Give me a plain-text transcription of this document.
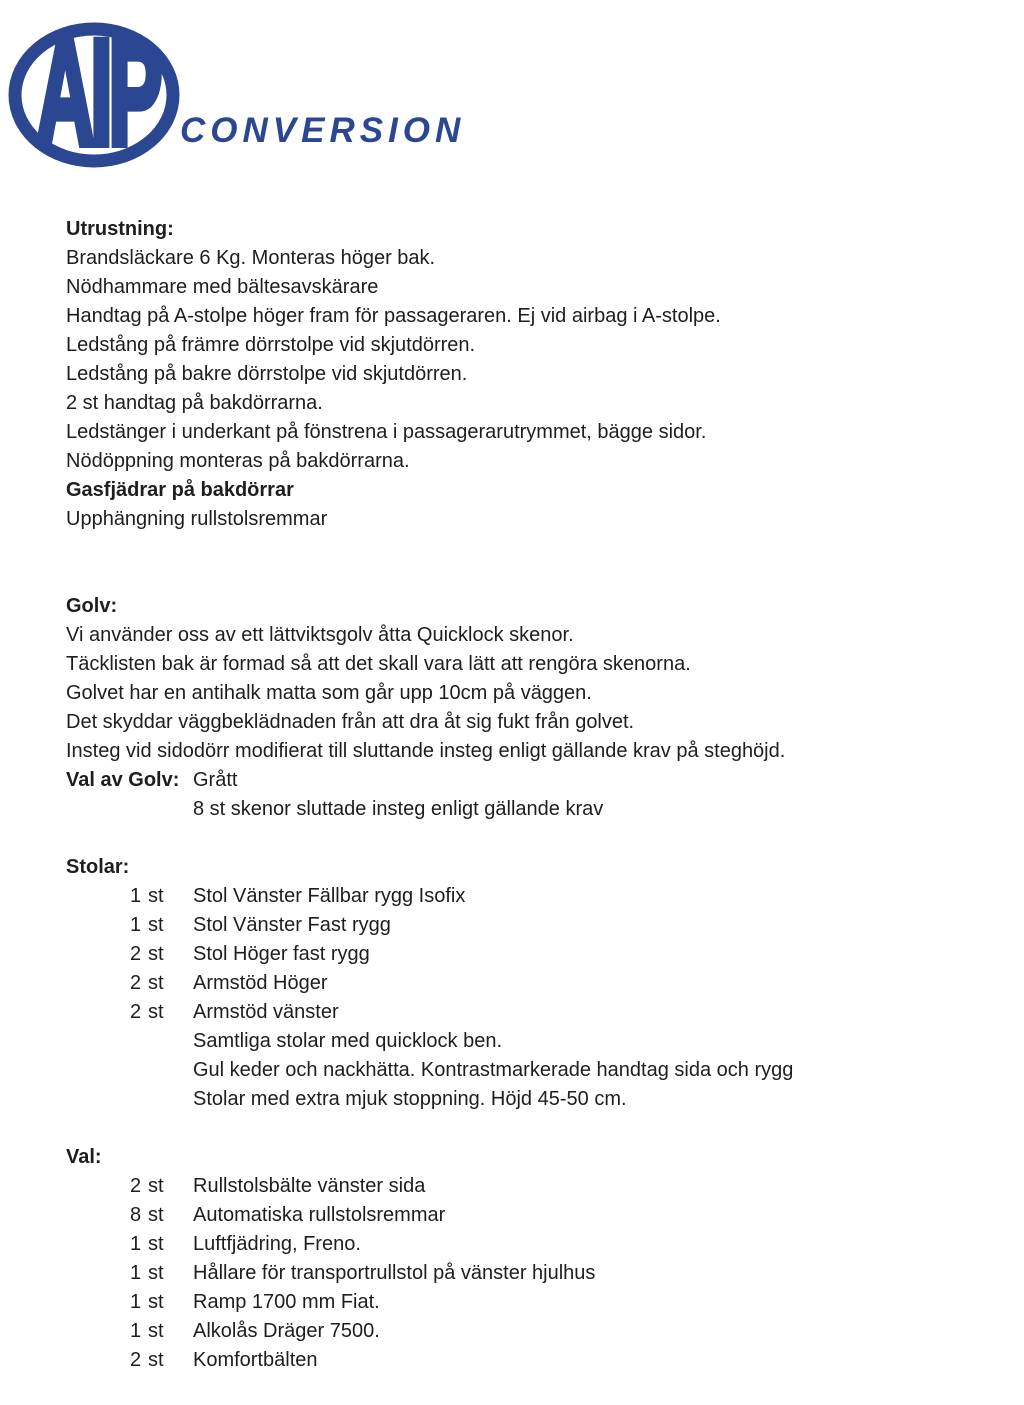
AIP CONVERSION
Utrustning:
Brandsläckare 6 Kg. Monteras höger bak.
Nödhammare med bältesavskärare
Handtag på A-stolpe höger fram för passageraren. Ej vid airbag i A-stolpe.
Ledstång på främre dörrstolpe vid skjutdörren.
Ledstång på bakre dörrstolpe vid skjutdörren.
2 st handtag på bakdörrarna.
Ledstänger i underkant på fönstrena i passagerarutrymmet, bägge sidor.
Nödöppning monteras på bakdörrarna.
Gasfjädrar på bakdörrar
Upphängning rullstolsremmar
Golv:
Vi använder oss av ett lättviktsgolv åtta Quicklock skenor.
Täcklisten bak är formad så att det skall vara lätt att rengöra skenorna.
Golvet har en antihalk matta som går upp 10cm på väggen.
Det skyddar väggbeklädnaden från att dra åt sig fukt från golvet.
Insteg vid sidodörr modifierat till sluttande insteg enligt gällande krav på steghöjd.
Val av Golv: Grått
8 st skenor sluttade insteg enligt gällande krav
Stolar:
1 st	Stol Vänster Fällbar rygg Isofix
1 st	Stol Vänster Fast rygg
2 st	Stol Höger fast rygg
2 st	Armstöd Höger
2 st	Armstöd vänster
Samtliga stolar med quicklock ben.
Gul keder och nackhätta. Kontrastmarkerade handtag sida och rygg
Stolar med extra mjuk stoppning. Höjd 45-50 cm.
Val:
2 st	Rullstolsbälte vänster sida
8 st	Automatiska rullstolsremmar
1 st	Luftfjädring, Freno.
1 st	Hållare för transportrullstol på vänster hjulhus
1 st	Ramp 1700 mm Fiat.
1 st	Alkolås Dräger 7500.
2 st	Komfortbälten
